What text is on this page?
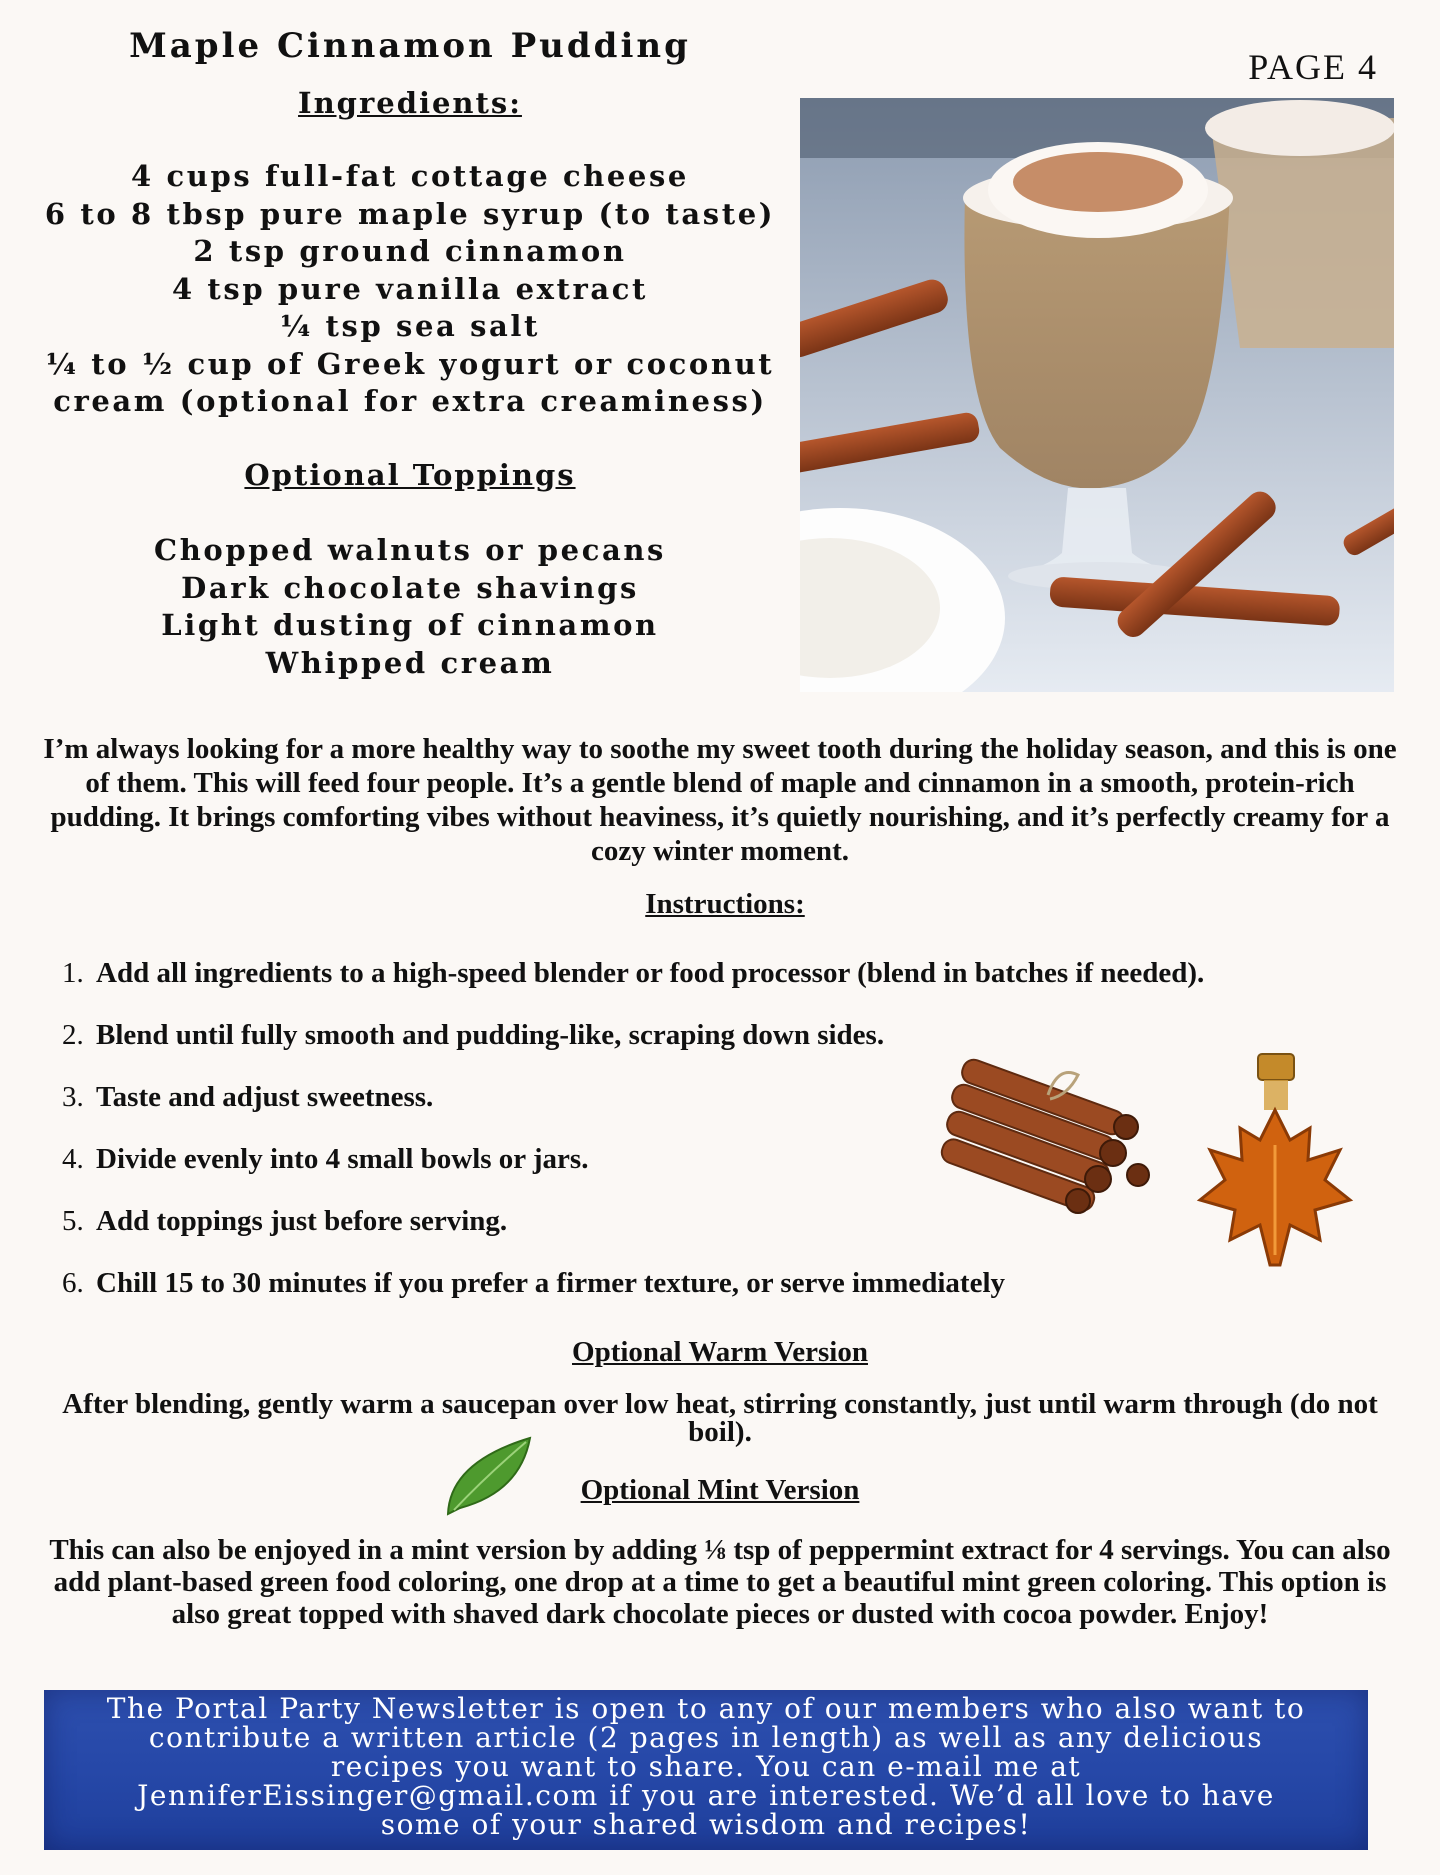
Maple Cinnamon Pudding
PAGE 4
Ingredients:
4 cups full-fat cottage cheese
6 to 8 tbsp pure maple syrup (to taste)
2 tsp ground cinnamon
4 tsp pure vanilla extract
¼ tsp sea salt
¼ to ½ cup of Greek yogurt or coconut
cream (optional for extra creaminess)
Optional Toppings
Chopped walnuts or pecans
Dark chocolate shavings
Light dusting of cinnamon
Whipped cream
I’m always looking for a more healthy way to soothe my sweet tooth during the holiday season, and this is one of them. This will feed four people. It’s a gentle blend of maple and cinnamon in a smooth, protein-rich pudding. It brings comforting vibes without heaviness, it’s quietly nourishing, and it’s perfectly creamy for a cozy winter moment.
Instructions:
1. Add all ingredients to a high-speed blender or food processor (blend in batches if needed).
2. Blend until fully smooth and pudding-like, scraping down sides.
3. Taste and adjust sweetness.
4. Divide evenly into 4 small bowls or jars.
5. Add toppings just before serving.
6. Chill 15 to 30 minutes if you prefer a firmer texture, or serve immediately
Optional Warm Version
After blending, gently warm a saucepan over low heat, stirring constantly, just until warm through (do not boil).
Optional Mint Version
This can also be enjoyed in a mint version by adding ⅛ tsp of peppermint extract for 4 servings. You can also add plant-based green food coloring, one drop at a time to get a beautiful mint green coloring. This option is also great topped with shaved dark chocolate pieces or dusted with cocoa powder. Enjoy!
The Portal Party Newsletter is open to any of our members who also want to contribute a written article (2 pages in length) as well as any delicious recipes you want to share. You can e-mail me at JenniferEissinger@gmail.com if you are interested. We’d all love to have some of your shared wisdom and recipes!
